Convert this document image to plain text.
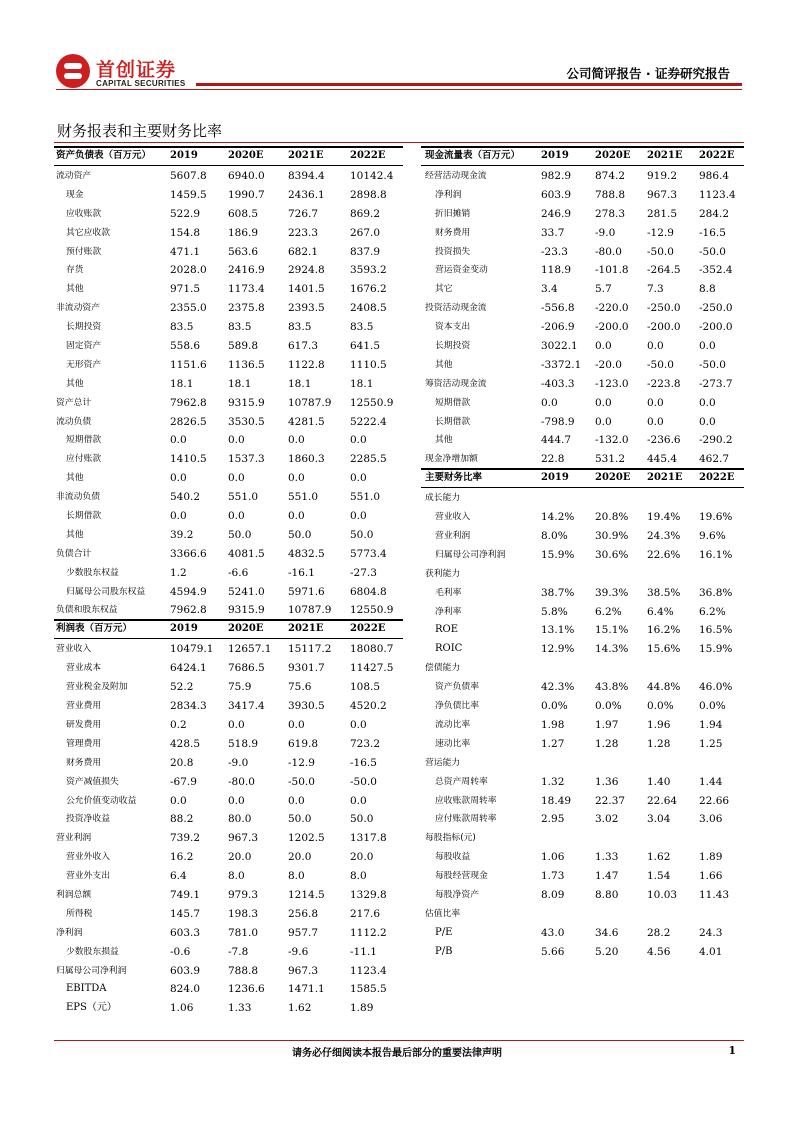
首创证券
CAPITAL SECURITIES
公司简评报告 · 证券研究报告
财务报表和主要财务比率
资产负债表（百万元） 2019	2020E 2021E	2022E
流动资产	5607.8 6940.0 8394.4 10142.4
现金	1459.5 1990.7 2436.1 2898.8
应收账款	522.9	608.5	726.7	869.2
其它应收款	154.8	186.9	223.3	267.0
预付账款	471.1	563.6	682.1	837.9
存货	2028.0 2416.9 2924.8 3593.2
其他	971.5	1173.4 1401.5 1676.2
非流动资产	2355.0 2375.8 2393.5 2408.5
长期投资	83.5	83.5	83.5	83.5
固定资产	558.6	589.8	617.3	641.5
无形资产	1151.6 1136.5 1122.8 1110.5
其他	18.1	18.1	18.1	18.1
资产总计	7962.8 9315.9 10787.9 12550.9
流动负债	2826.5 3530.5 4281.5 5222.4
短期借款	0.0	0.0	0.0	0.0
应付账款	1410.5 1537.3 1860.3 2285.5
其他	0.0	0.0	0.0	0.0
非流动负债	540.2	551.0	551.0	551.0
长期借款	0.0	0.0	0.0	0.0
其他	39.2	50.0	50.0	50.0
负债合计	3366.6 4081.5 4832.5 5773.4
少数股东权益	1.2	-6.6	-16.1	-27.3
归属母公司股东权益 4594.9 5241.0 5971.6 6804.8
负债和股东权益	7962.8 9315.9 10787.9 12550.9
利润表（百万元）	2019	2020E 2021E	2022E
营业收入	10479.1 12657.1 15117.2 18080.7
营业成本	6424.1 7686.5 9301.7 11427.5
营业税金及附加	52.2	75.9	75.6	108.5
营业费用	2834.3 3417.4 3930.5 4520.2
研发费用	0.2	0.0	0.0	0.0
管理费用	428.5	518.9	619.8	723.2
财务费用	20.8	-9.0	-12.9	-16.5
资产减值损失	-67.9	-80.0	-50.0	-50.0
公允价值变动收益	0.0	0.0	0.0	0.0
投资净收益	88.2	80.0	50.0	50.0
营业利润	739.2	967.3	1202.5 1317.8
营业外收入	16.2	20.0	20.0	20.0
营业外支出	6.4	8.0	8.0	8.0
利润总额	749.1	979.3	1214.5 1329.8
所得税	145.7	198.3	256.8	217.6
净利润	603.3	781.0	957.7	1112.2
少数股东损益	-0.6	-7.8	-9.6	-11.1
归属母公司净利润	603.9	788.8	967.3	1123.4
EBITDA	824.0	1236.6 1471.1 1585.5
EPS（元）	1.06	1.33	1.62	1.89
现金流量表（百万元） 2019	2020E 2021E 2022E
经营活动现金流	982.9 874.2 919.2 986.4
净利润	603.9 788.8 967.3 1123.4
折旧摊销	246.9 278.3 281.5 284.2
财务费用	33.7	-9.0	-12.9 -16.5
投资损失	-23.3	-80.0 -50.0 -50.0
营运资金变动	118.9 -101.8 -264.5 -352.4
其它	3.4	5.7	7.3	8.8
投资活动现金流	-556.8 -220.0 -250.0 -250.0
资本支出	-206.9 -200.0 -200.0 -200.0
长期投资	3022.1 0.0	0.0	0.0
其他	-3372.1 -20.0 -50.0 -50.0
筹资活动现金流	-403.3 -123.0 -223.8 -273.7
短期借款	0.0	0.0	0.0	0.0
长期借款	-798.9 0.0	0.0	0.0
其他	444.7 -132.0 -236.6 -290.2
现金净增加额	22.8	531.2 445.4 462.7
主要财务比率	2019	2020E 2021E 2022E
成长能力
营业收入	14.2% 20.8% 19.4% 19.6%
营业利润	8.0%	30.9% 24.3% 9.6%
归属母公司净利润	15.9% 30.6% 22.6% 16.1%
获利能力
毛利率	38.7% 39.3% 38.5% 36.8%
净利率	5.8%	6.2% 6.4% 6.2%
ROE	13.1% 15.1% 16.2% 16.5%
ROIC	12.9% 14.3% 15.6% 15.9%
偿债能力
资产负债率	42.3% 43.8% 44.8% 46.0%
净负债比率	0.0%	0.0% 0.0% 0.0%
流动比率	1.98	1.97	1.96	1.94
速动比率	1.27	1.28	1.28	1.25
营运能力
总资产周转率	1.32	1.36	1.40	1.44
应收账款周转率	18.49 22.37 22.64 22.66
应付账款周转率	2.95	3.02	3.04	3.06
每股指标(元)
每股收益	1.06	1.33	1.62	1.89
每股经营现金	1.73	1.47	1.54	1.66
每股净资产	8.09	8.80	10.03 11.43
估值比率
P/E	43.0	34.6	28.2	24.3
P/B	5.66	5.20	4.56	4.01
请务必仔细阅读本报告最后部分的重要法律声明	1
